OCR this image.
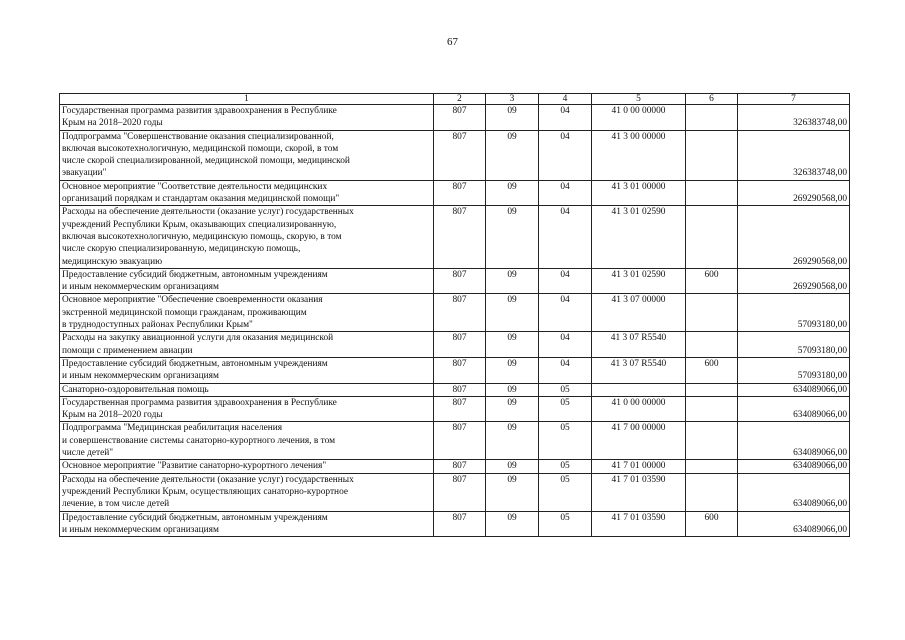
67
1	2	3	4	5	6	7
Государственная программа развития здравоохранения в Республике
Крым на 2018–2020 годы	807	09	04	41 0 00 00000		326383748,00
Подпрограмма "Совершенствование оказания специализированной,
включая высокотехнологичную, медицинской помощи, скорой, в том
числе скорой специализированной, медицинской помощи, медицинской
эвакуации"	807	09	04	41 3 00 00000		326383748,00
Основное мероприятие "Соответствие деятельности медицинских
организаций порядкам и стандартам оказания медицинской помощи"	807	09	04	41 3 01 00000		269290568,00
Расходы на обеспечение деятельности (оказание услуг) государственных
учреждений Республики Крым, оказывающих специализированную,
включая высокотехнологичную, медицинскую помощь, скорую, в том
числе скорую специализированную, медицинскую помощь,
медицинскую эвакуацию	807	09	04	41 3 01 02590		269290568,00
Предоставление субсидий бюджетным, автономным учреждениям
и иным некоммерческим организациям	807	09	04	41 3 01 02590	600	269290568,00
Основное мероприятие "Обеспечение своевременности оказания
экстренной медицинской помощи гражданам, проживающим
в труднодоступных районах Республики Крым"	807	09	04	41 3 07 00000		57093180,00
Расходы на закупку авиационной услуги для оказания медицинской
помощи с применением авиации	807	09	04	41 3 07 R5540		57093180,00
Предоставление субсидий бюджетным, автономным учреждениям
и иным некоммерческим организациям	807	09	04	41 3 07 R5540	600	57093180,00
Санаторно-оздоровительная помощь	807	09	05			634089066,00
Государственная программа развития здравоохранения в Республике
Крым на 2018–2020 годы	807	09	05	41 0 00 00000		634089066,00
Подпрограмма "Медицинская реабилитация населения
и совершенствование системы санаторно-курортного лечения, в том
числе детей"	807	09	05	41 7 00 00000		634089066,00
Основное мероприятие "Развитие санаторно-курортного лечения"	807	09	05	41 7 01 00000		634089066,00
Расходы на обеспечение деятельности (оказание услуг) государственных
учреждений Республики Крым, осуществляющих санаторно-курортное
лечение, в том числе детей	807	09	05	41 7 01 03590		634089066,00
Предоставление субсидий бюджетным, автономным учреждениям
и иным некоммерческим организациям	807	09	05	41 7 01 03590	600	634089066,00
